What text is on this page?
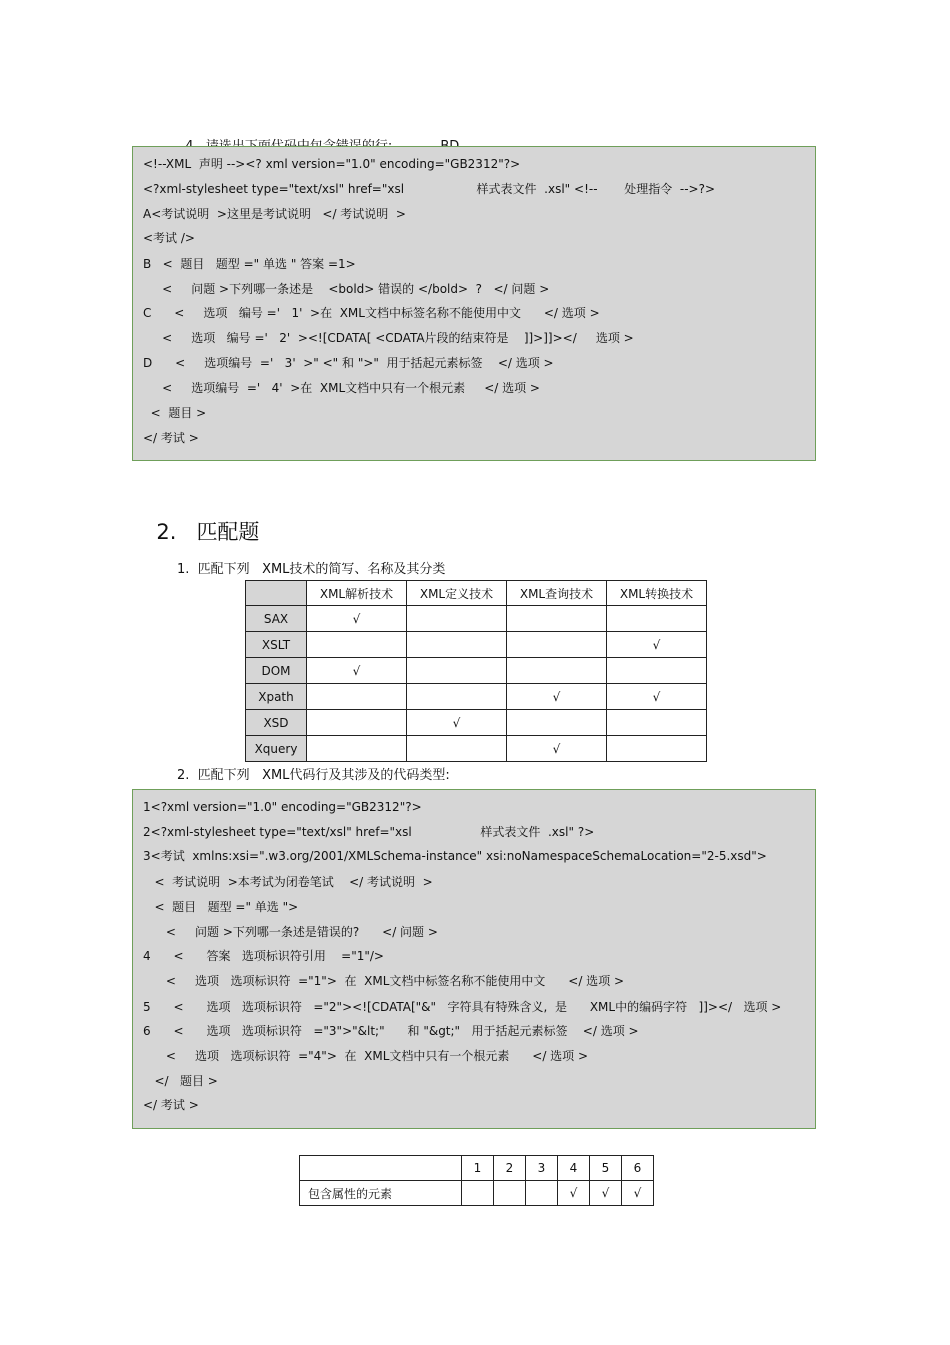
<!--XML  声明 --><? xml version="1.0" encoding="GB2312"?>

<?xml-stylesheet type="text/xsl" href="xsl                   样式表文件  .xsl" <!--       处理指令  -->?>

A<考试说明  >这里是考试说明   </ 考试说明  >

<考试 />

B   <  题目   题型 =" 单选 " 答案 =1>

<     问题 >下列哪一条述是    <bold> 错误的 </bold>  ?   </ 问题 >

C      <     选项   编号 ='   1'  >在  XML文档中标签名称不能使用中文      </ 选项 >

<     选项   编号 ='   2'  ><![CDATA[ <CDATA片段的结束符是    ]]>]]></     选项 >

D      <     选项编号  ='   3'  >" <" 和 ">"  用于括起元素标签    </ 选项 >

<     选项编号  ='   4'  >在  XML文档中只有一个根元素     </ 选项 >

<  题目 >

</ 考试 >

2. 匹配题

1.  匹配下列   XML技术的简写、名称及其分类
	XML解析技术	XML定义技术	XML查询技术	XML转换技术
SAX	√			
XSLT				√
DOM	√			
Xpath			√	√
XSD		√		
Xquery			√	
2.  匹配下列   XML代码行及其涉及的代码类型:

1<?xml version="1.0" encoding="GB2312"?>

2<?xml-stylesheet type="text/xsl" href="xsl                  样式表文件  .xsl" ?>

3<考试  xmlns:xsi=".w3.org/2001/XMLSchema-instance" xsi:noNamespaceSchemaLocation="2-5.xsd">

<  考试说明  >本考试为闭卷笔试    </ 考试说明  >

<  题目   题型 =" 单选 ">

<     问题 >下列哪一条述是错误的?      </ 问题 >

4      <      答案   选项标识符引用    ="1"/>

<     选项   选项标识符  ="1">  在  XML文档中标签名称不能使用中文      </ 选项 >

5      <      选项   选项标识符   ="2"><![CDATA["&"   字符具有特殊含义,  是      XML中的编码字符   ]]></   选项 >

6      <      选项   选项标识符   ="3">"&lt;"      和 "&gt;"   用于括起元素标签    </ 选项 >

<     选项   选项标识符  ="4">  在  XML文档中只有一个根元素      </ 选项 >

</   题目 >

</ 考试 >

	1	2	3	4	5	6
包含属性的元素				√	√	√
